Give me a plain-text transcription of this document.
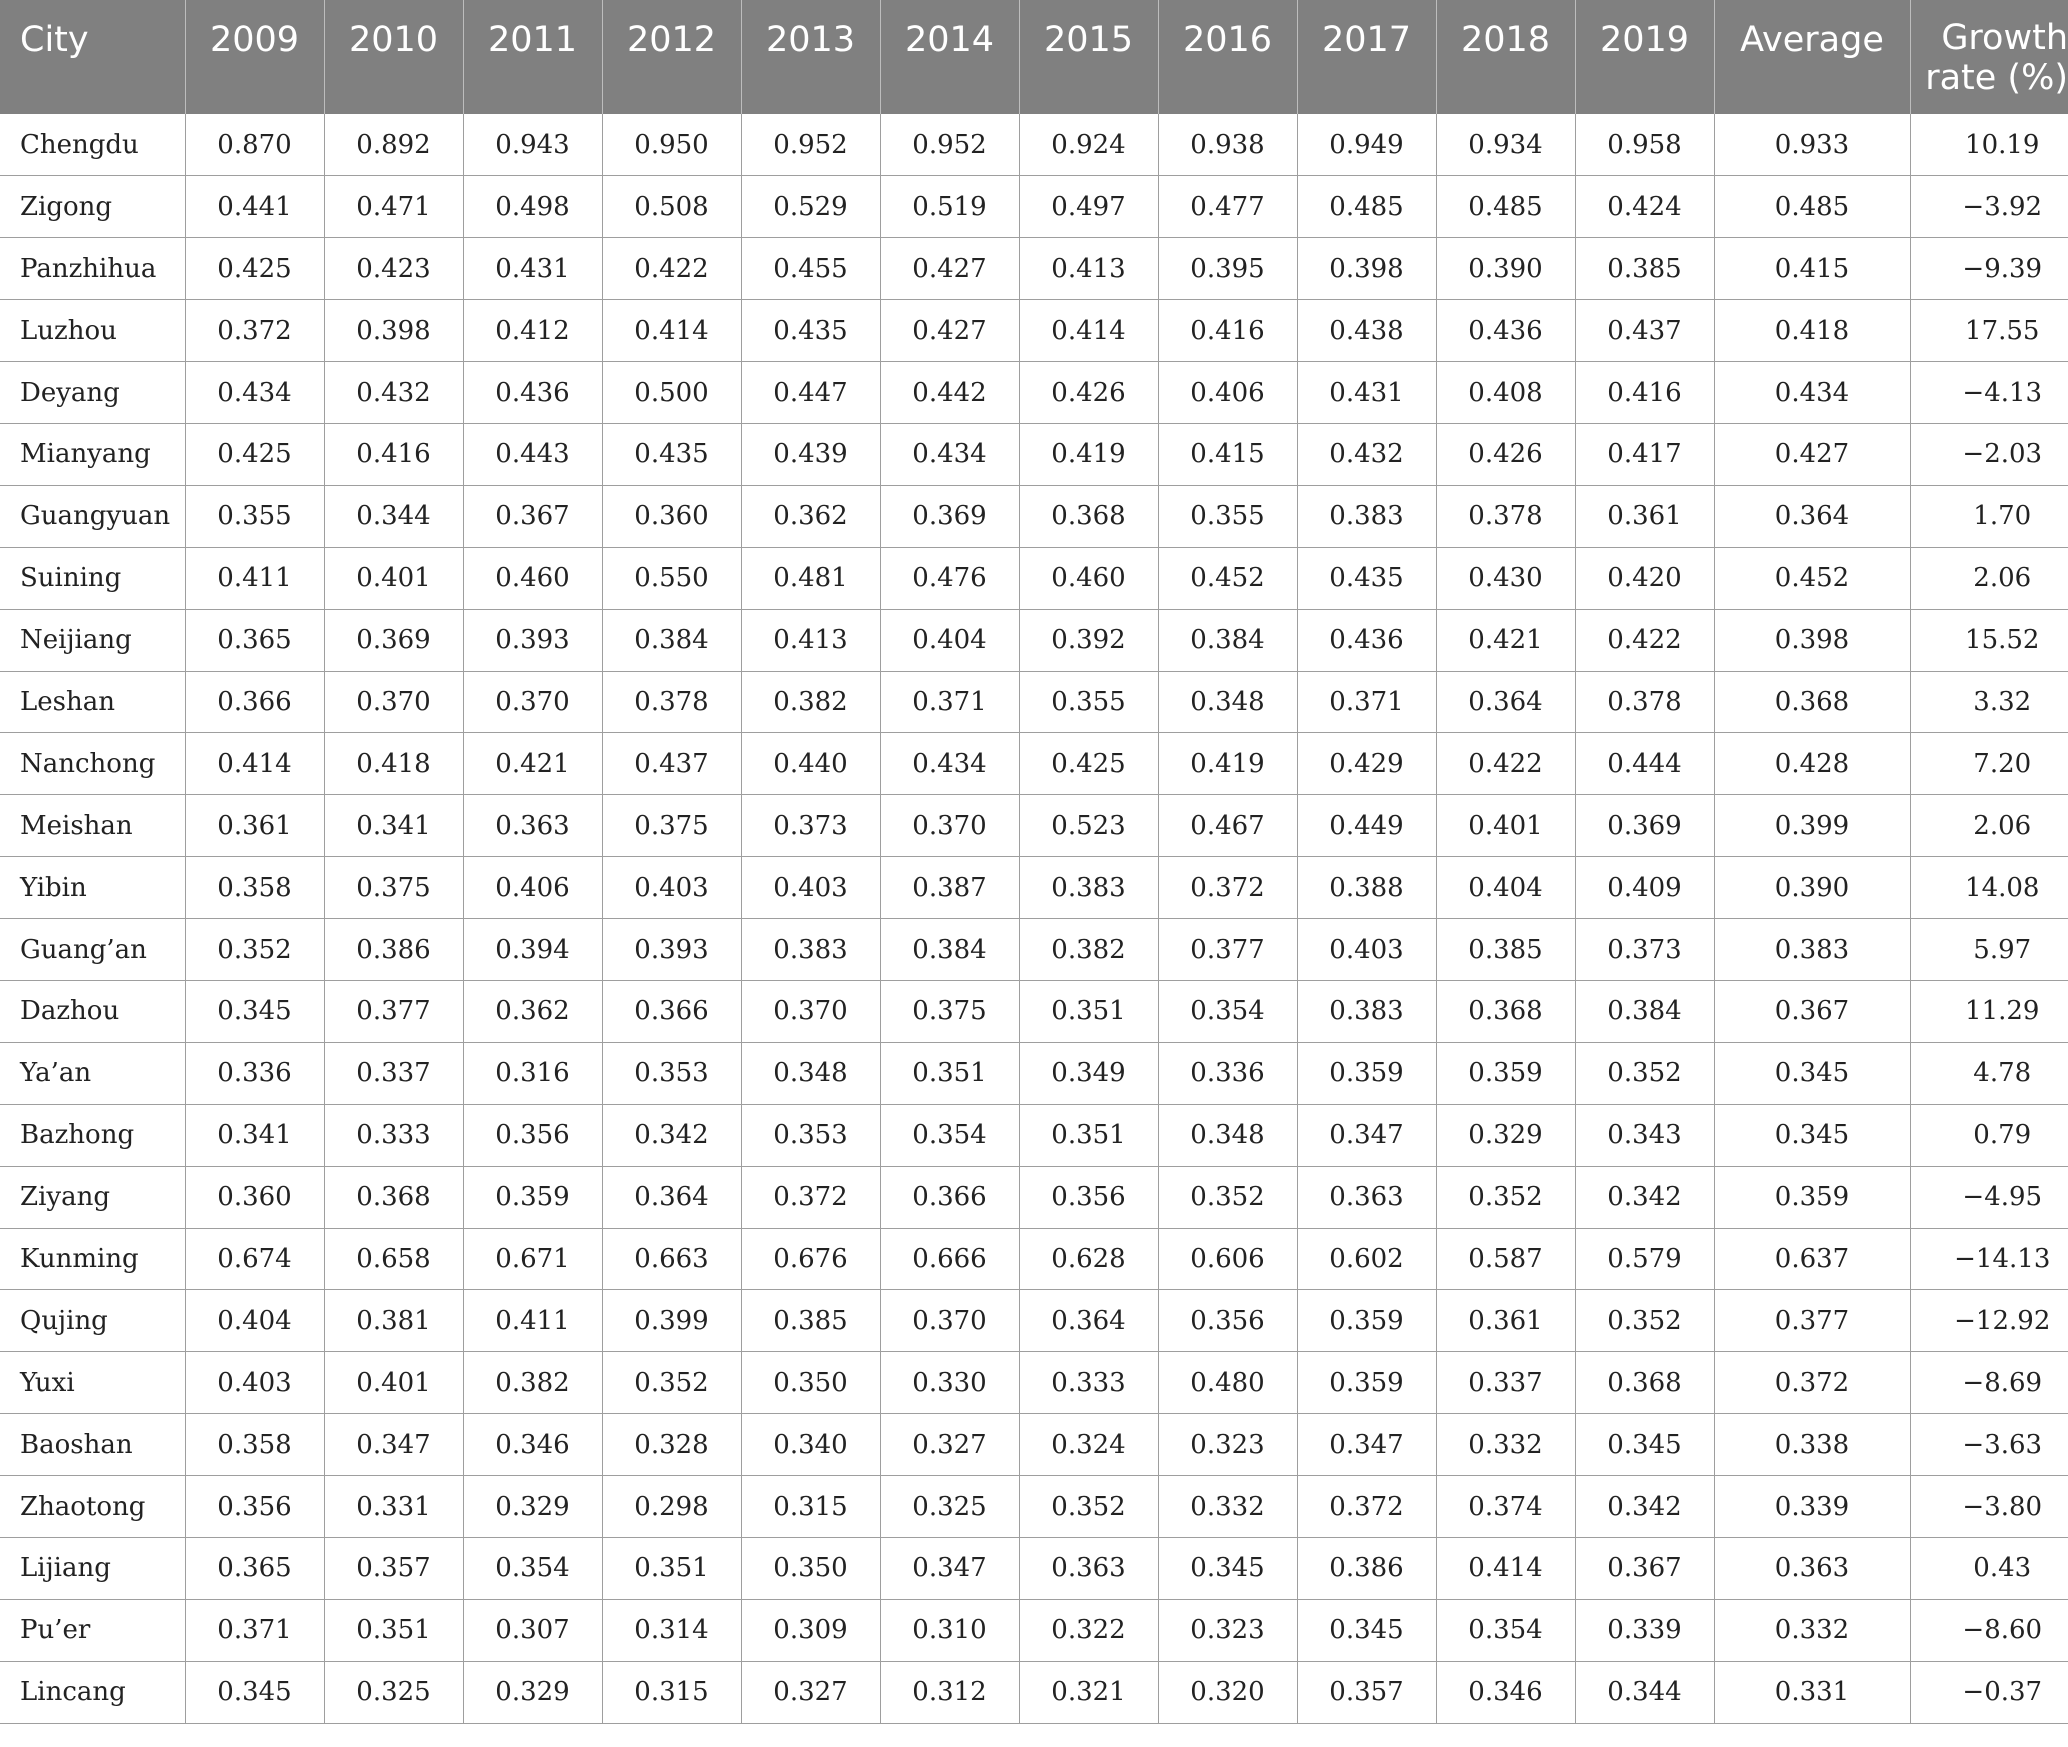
City	2009	2010	2011	2012	2013	2014	2015	2016	2017	2018	2019	Average	Growth
rate (%)
Chengdu	0.870	0.892	0.943	0.950	0.952	0.952	0.924	0.938	0.949	0.934	0.958	0.933	10.19
Zigong	0.441	0.471	0.498	0.508	0.529	0.519	0.497	0.477	0.485	0.485	0.424	0.485	−3.92
Panzhihua	0.425	0.423	0.431	0.422	0.455	0.427	0.413	0.395	0.398	0.390	0.385	0.415	−9.39
Luzhou	0.372	0.398	0.412	0.414	0.435	0.427	0.414	0.416	0.438	0.436	0.437	0.418	17.55
Deyang	0.434	0.432	0.436	0.500	0.447	0.442	0.426	0.406	0.431	0.408	0.416	0.434	−4.13
Mianyang	0.425	0.416	0.443	0.435	0.439	0.434	0.419	0.415	0.432	0.426	0.417	0.427	−2.03
Guangyuan	0.355	0.344	0.367	0.360	0.362	0.369	0.368	0.355	0.383	0.378	0.361	0.364	1.70
Suining	0.411	0.401	0.460	0.550	0.481	0.476	0.460	0.452	0.435	0.430	0.420	0.452	2.06
Neijiang	0.365	0.369	0.393	0.384	0.413	0.404	0.392	0.384	0.436	0.421	0.422	0.398	15.52
Leshan	0.366	0.370	0.370	0.378	0.382	0.371	0.355	0.348	0.371	0.364	0.378	0.368	3.32
Nanchong	0.414	0.418	0.421	0.437	0.440	0.434	0.425	0.419	0.429	0.422	0.444	0.428	7.20
Meishan	0.361	0.341	0.363	0.375	0.373	0.370	0.523	0.467	0.449	0.401	0.369	0.399	2.06
Yibin	0.358	0.375	0.406	0.403	0.403	0.387	0.383	0.372	0.388	0.404	0.409	0.390	14.08
Guang’an	0.352	0.386	0.394	0.393	0.383	0.384	0.382	0.377	0.403	0.385	0.373	0.383	5.97
Dazhou	0.345	0.377	0.362	0.366	0.370	0.375	0.351	0.354	0.383	0.368	0.384	0.367	11.29
Ya’an	0.336	0.337	0.316	0.353	0.348	0.351	0.349	0.336	0.359	0.359	0.352	0.345	4.78
Bazhong	0.341	0.333	0.356	0.342	0.353	0.354	0.351	0.348	0.347	0.329	0.343	0.345	0.79
Ziyang	0.360	0.368	0.359	0.364	0.372	0.366	0.356	0.352	0.363	0.352	0.342	0.359	−4.95
Kunming	0.674	0.658	0.671	0.663	0.676	0.666	0.628	0.606	0.602	0.587	0.579	0.637	−14.13
Qujing	0.404	0.381	0.411	0.399	0.385	0.370	0.364	0.356	0.359	0.361	0.352	0.377	−12.92
Yuxi	0.403	0.401	0.382	0.352	0.350	0.330	0.333	0.480	0.359	0.337	0.368	0.372	−8.69
Baoshan	0.358	0.347	0.346	0.328	0.340	0.327	0.324	0.323	0.347	0.332	0.345	0.338	−3.63
Zhaotong	0.356	0.331	0.329	0.298	0.315	0.325	0.352	0.332	0.372	0.374	0.342	0.339	−3.80
Lijiang	0.365	0.357	0.354	0.351	0.350	0.347	0.363	0.345	0.386	0.414	0.367	0.363	0.43
Pu’er	0.371	0.351	0.307	0.314	0.309	0.310	0.322	0.323	0.345	0.354	0.339	0.332	−8.60
Lincang	0.345	0.325	0.329	0.315	0.327	0.312	0.321	0.320	0.357	0.346	0.344	0.331	−0.37
